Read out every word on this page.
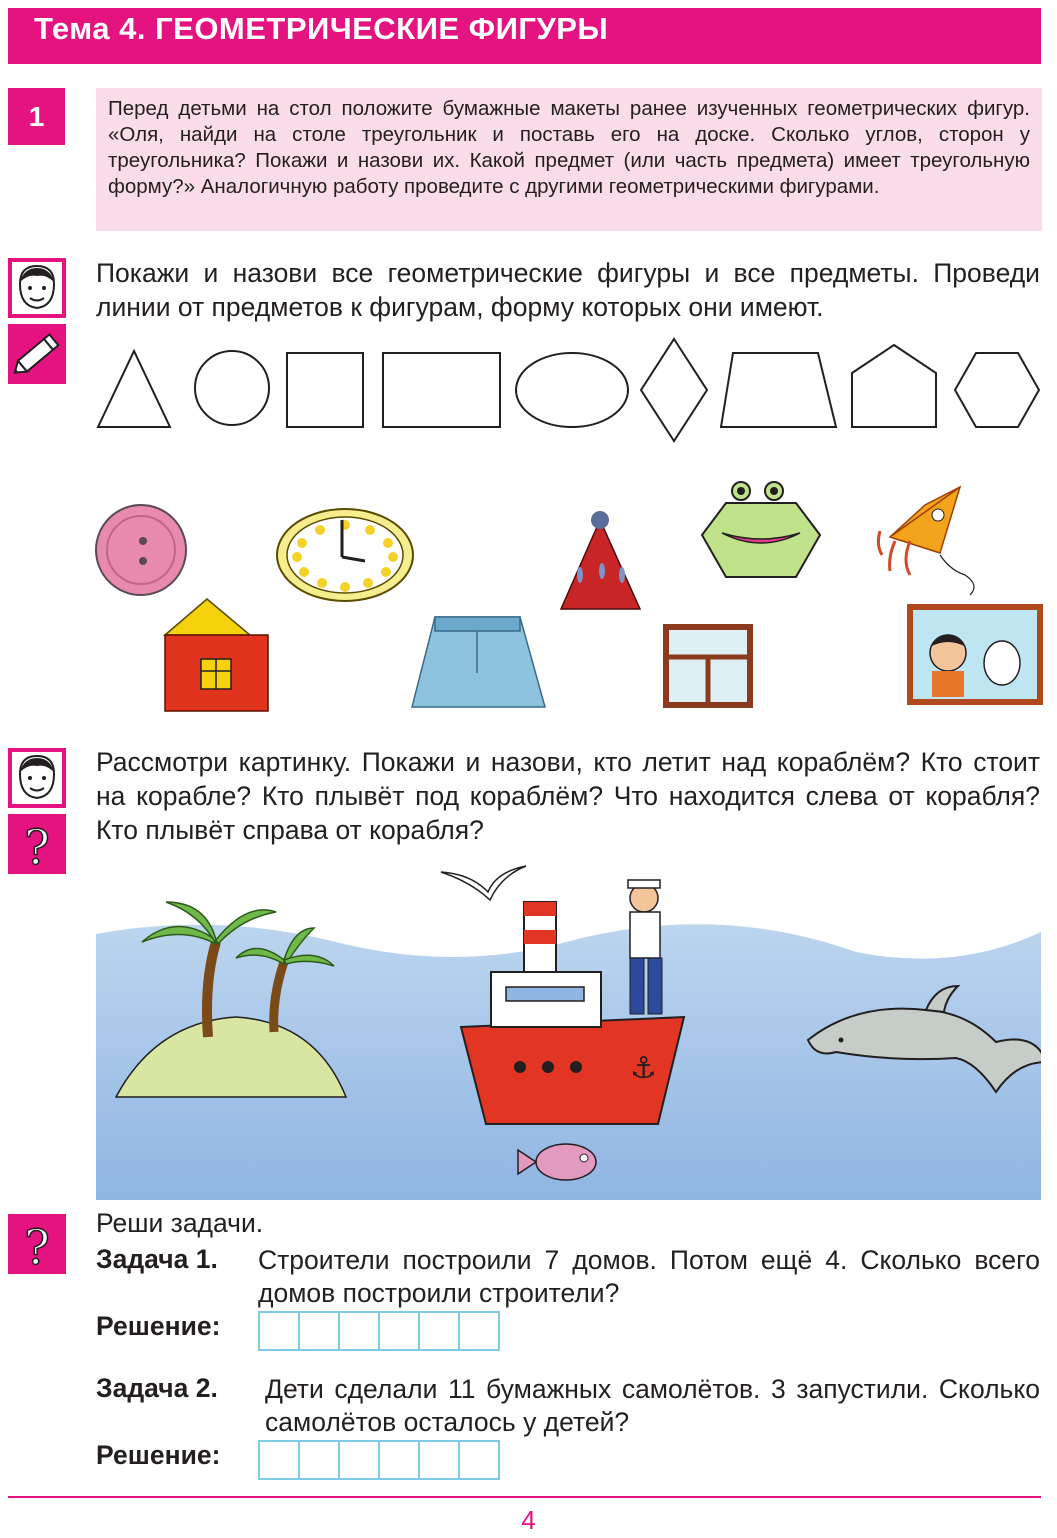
Тема 4. ГЕОМЕТРИЧЕСКИЕ ФИГУРЫ
1	Перед детьми на стол положите бумажные макеты ранее изученных геометрических фигур. «Оля, найди на столе треугольник и поставь его на доске. Сколько углов, сторон у треугольника? Покажи и назови их. Какой предмет (или часть предмета) имеет треугольную форму?» Аналогичную работу проведите с другими геометрическими фигурами.
Покажи и назови все геометрические фигуры и все предметы. Проведи линии от предметов к фигурам, форму которых они имеют.
?
Рассмотри картинку. Покажи и назови, кто летит над кораблём? Кто стоит на корабле? Кто плывёт под кораблём? Что находится слева от корабля? Кто плывёт справа от корабля?
⚓
? Реши задачи.
Задача 1. Строители построили 7 домов. Потом ещё 4. Сколько всего домов построили строители?
Решение:
Задача 2. Дети сделали 11 бумажных самолётов. 3 запустили. Сколько самолётов осталось у детей?
Решение:
4
